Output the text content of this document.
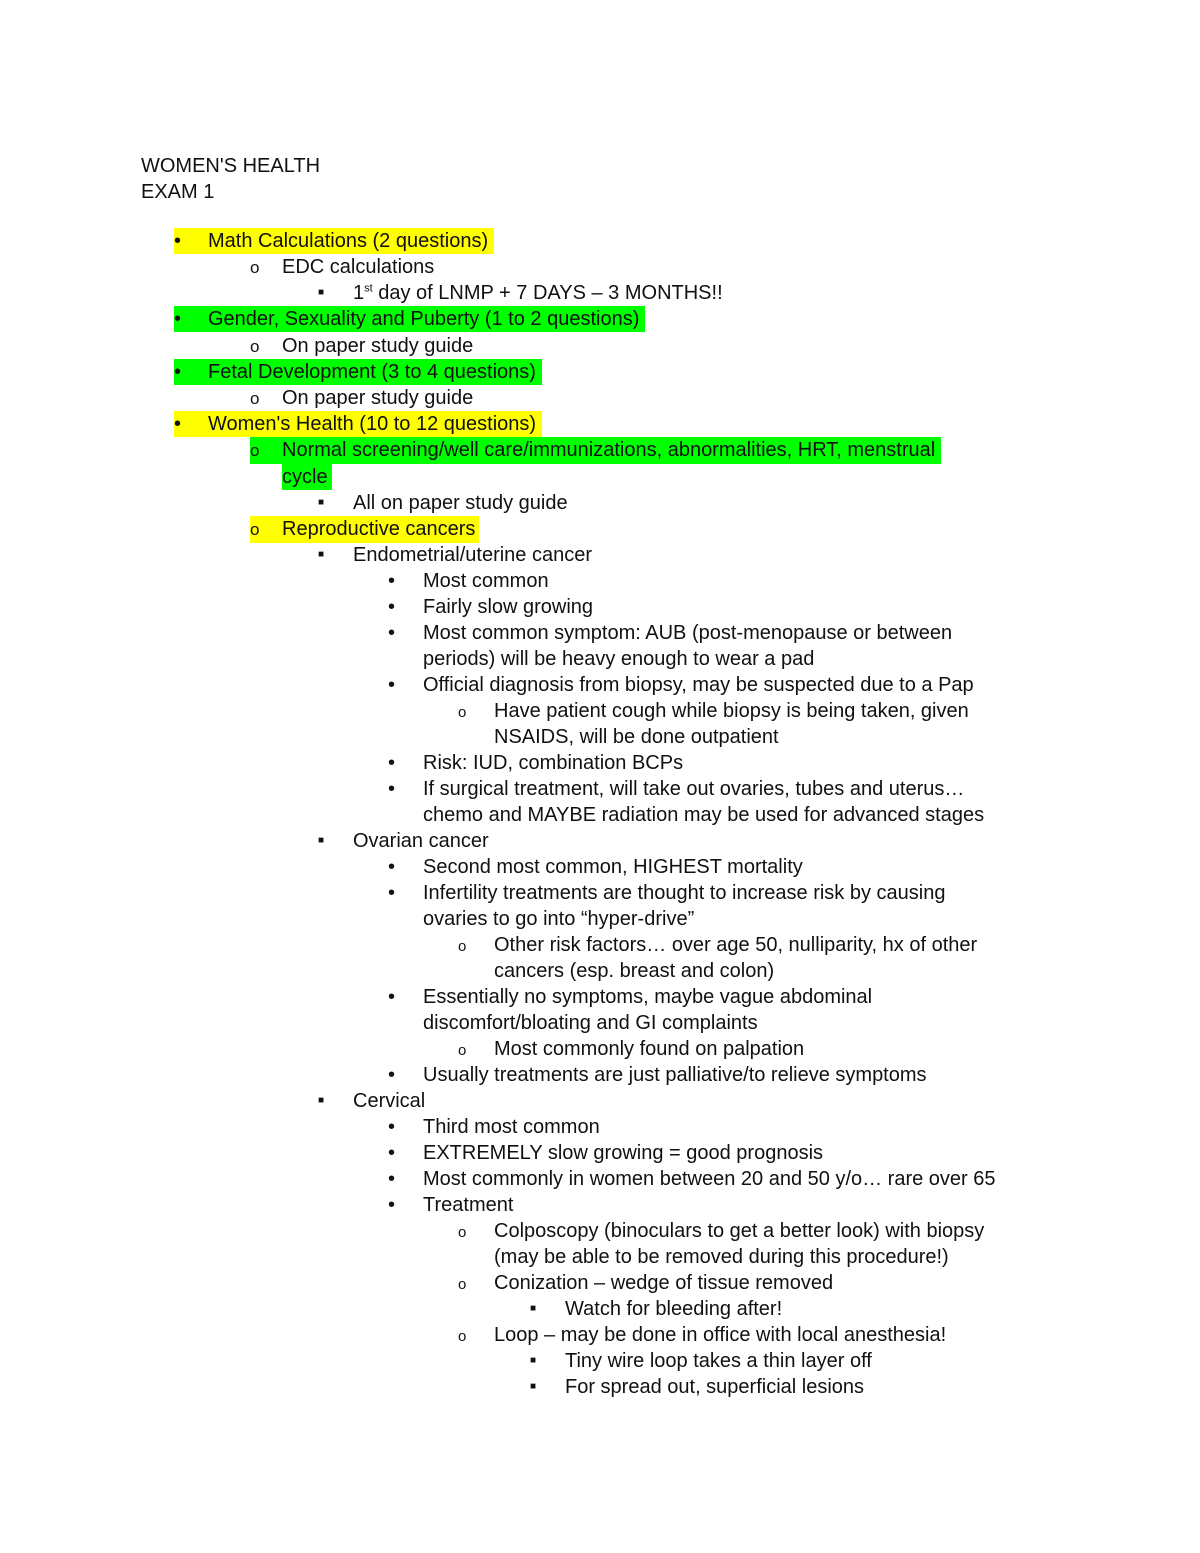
WOMEN'S HEALTH
EXAM 1
• Math Calculations (2 questions)
o EDC calculations
■ 1st day of LNMP + 7 DAYS – 3 MONTHS!!
• Gender, Sexuality and Puberty (1 to 2 questions)
o On paper study guide
• Fetal Development (3 to 4 questions)
o On paper study guide
• Women's Health (10 to 12 questions)
o Normal screening/well care/immunizations, abnormalities, HRT, menstrual
cycle
■ All on paper study guide
o Reproductive cancers
■ Endometrial/uterine cancer
• Most common
• Fairly slow growing
• Most common symptom: AUB (post-menopause or between
periods) will be heavy enough to wear a pad
• Official diagnosis from biopsy, may be suspected due to a Pap
o Have patient cough while biopsy is being taken, given
NSAIDS, will be done outpatient
• Risk: IUD, combination BCPs
• If surgical treatment, will take out ovaries, tubes and uterus…
chemo and MAYBE radiation may be used for advanced stages
■ Ovarian cancer
• Second most common, HIGHEST mortality
• Infertility treatments are thought to increase risk by causing
ovaries to go into “hyper-drive”
o Other risk factors… over age 50, nulliparity, hx of other
cancers (esp. breast and colon)
• Essentially no symptoms, maybe vague abdominal
discomfort/bloating and GI complaints
o Most commonly found on palpation
• Usually treatments are just palliative/to relieve symptoms
■ Cervical
• Third most common
• EXTREMELY slow growing = good prognosis
• Most commonly in women between 20 and 50 y/o… rare over 65
• Treatment
o Colposcopy (binoculars to get a better look) with biopsy
(may be able to be removed during this procedure!)
o Conization – wedge of tissue removed
■ Watch for bleeding after!
o Loop – may be done in office with local anesthesia!
■ Tiny wire loop takes a thin layer off
■ For spread out, superficial lesions
